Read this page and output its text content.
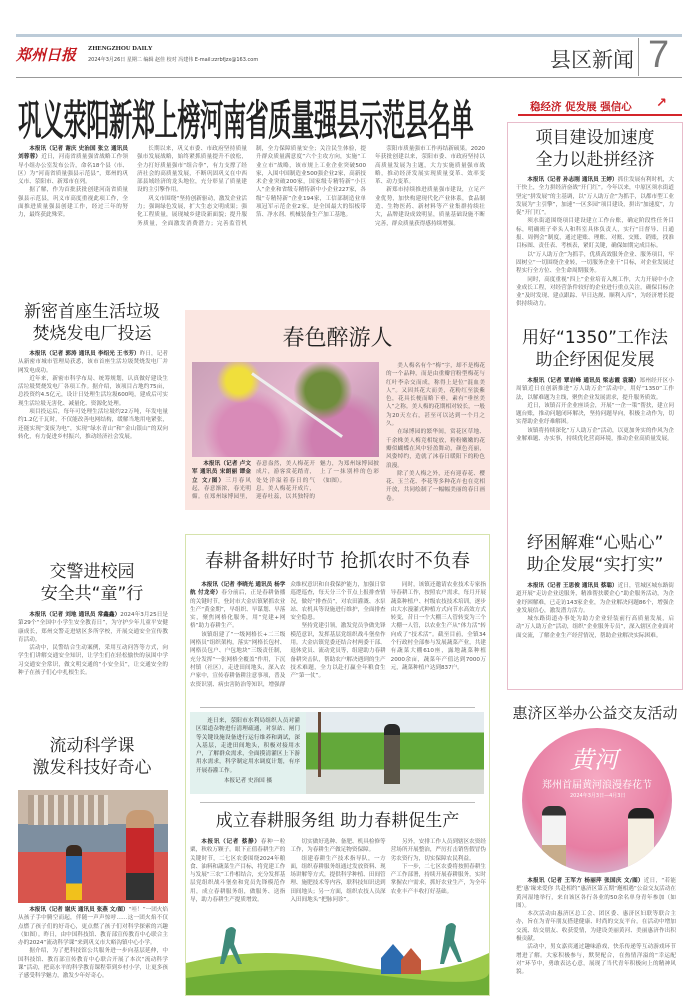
郑州日报 ZHENGZHOU DAILY
2024年3月26日 星期二 编辑 赵佳 校对 冯建伟 E-mail:zzrbfjzx@163.com	县区新闻 7
巩义荥阳新郑上榜河南省质量强县示范县名单

本报讯（记者 谢庆 史治国 张立 通讯员 刘蓉蓉）近日，河南省质量强省战略工作领导小组办公室发布公告，命名18个县（市、区）为“河南省质量强县示范县”，郑州的巩义市、荥阳市、新郑市在列。

据了解，作为首批获批创建河南省质量强县示范县，巩义市高度重视此项工作，全面推进质量强县创建工作，经过三年的努力，最终获此殊荣。

长期以来，巩义市委、市政府坚持质量强市发展战略，始终紧抓质量提升不放松，全力打好质量强市“组合拳”，有力支撑了经济社会的高质量发展，不断巩固巩义在中西部县域经济的龙头地位，充分彰显了质量建设的主引擎作用。

巩义市围绕“坚持创新驱动，激发企业活力；强调绿色发展，扩大生态文明成果；强化工程质量，展现城乡建设新面貌；提升服务质量，全面激发消费潜力；完善监管机制，全力保障质量安全；关注民生体验，提升群众质量满意度”六个主攻方向，实施“工业立市”战略，该市规上工业企业突破500家，入围中国制造业500强企业2家，高新技术企业突破200家，国家级专精特新“小巨人”企业和省级专精特新中小企业227家，各级“专精特新”企业194家，工信部制造业单项冠军示范企业2家，是全国最大的铝板带箔、净水剂、机械装备生产加工基地。

荥阳市质量强市工作再结新硕果。2020年获批创建以来，荥阳市委、市政府坚持以高质量发展为主题，大力实施质量强市战略，推动经济发展实现质量变革、效率变革、动力变革。

新郑市持续推进质量强市建设，立足产业优势，加快构建现代化产业体系，食品制造、生物医药、新材料等产业集群持续壮大，品牌建设成效明显，质量基础设施不断完善，群众质量获得感持续增强。

稳经济 促发展 强信心 ↗
项目建设加速度
全力以赴拼经济

本报讯（记者 孙志刚 通讯员 王婷）抓住发展有利时机，大干快上，全力拼经济奋战“开门红”。今年以来，中原区须水街道坚定“拼发展”的主基调，以“万人助万企”为抓手，以都市型工业发展为“主引擎”，加速“一区多园”项目建设，拼出“加速度”，力促“开门红”。

须水街道围绕项目建设建立工作台账，确定阶段性任务目标，明确班子牵头人和科室具体负责人，实行“日督导、日通报、周例会”制度，通过建账、理账、对账、交账、销账，找准目标图、责任表、考核表，紧盯关键，确保如期完成目标。

以“万人助万企”为抓手，优质高效服务企业、服务项目，牢固树立“一切围绕企业转，一切服务企业干”目标，对企业发展过程实行全方位、全生命周期服务。

同时，高度重视“四上”企业培育入规工作，大力开展中小企业成长工程，对经营条件较好的企业进行重点关注，确保目标企业“及时发现、建点跟踪、早日达规、顺利入库”，为经济增长提供持续动力。

用好“1350”工作法
助企纾困促发展

本报讯（记者 覃岩峰 通讯员 梁志霞 袁璐）郑州经开区小周镇近日在创新推进“万人助万企”活动中，用好“1350”工作法，以解难题为主线，聚焦企业发展需求，提升服务质效。

近日，该镇召开企业座谈会，开展“一企一策”帮扶，建立问题台账，推动问题闭环解决，坚持问题导向，积极主动作为，切实帮助企业纾难解困。

该镇将持续深化“万人助万企”活动，以更加务实的作风为企业解难题、办实事，持续优化营商环境，推动企业高质量发展。

纾困解难“心贴心”
助企发展“实打实”

本报讯（记者 王思俊 通讯员 蔡聪）近日，管城区城东路街道开展“走访企业送服务，精准帮扶暖企心”助企服务活动，为企业纾困解难，已走访143家企业，为企业解决问题86个，增强企业发展信心，激发潜力活力。

城东路街道办事处为助力企业轻装前行高质量发展，启动“万人助万企”活动，组织“企业服务专员”，深入辖区企业面对面交流，了解企业生产经营情况，帮助企业解决实际困难。

惠济区举办公益交友活动
黄河
郑州首届黄河浪漫春花节
2024年3月3日—4月3日

本报讯（记者 王军方 杨丽萍 张国庆 文/图）近日，“若能把‘惠’缘来爱你 共赴相约”惠济区第五期“邂相遇”公益交友活动在黄河湿地举行，来自该区各行各业的50余名单身青年参加（如图）。

本次活动由惠济区总工会、团区委、惠济区妇联等联合主办，旨在为青年朋友搭建健康、时尚的交友平台，在活动中增加交流、结交朋友、收获爱情，为建设美丽黄河、美丽惠济作出积极贡献。

活动中，男女嘉宾通过趣味游戏，快乐传递等互动游戏环节增进了解。大家积极参与，默契配合，在热情洋溢的“幸运配对”环节中，勇敢表达心意，展现了当代青年积极向上的精神风貌。

新密首座生活垃圾
焚烧发电厂投运

本报讯（记者 郭涛 通讯员 李绍光 王书芳）昨日，记者从新密市城市管理局获悉，该市首座生活垃圾焚烧发电厂并网发电成功。

近年来，新密市科学布局、统筹规划，认真做好建设生活垃圾焚烧发电厂各项工作。据介绍，该项目占地约75亩，总投资约4.5亿元，设计日处理生活垃圾600吨，建成后可实现生活垃圾无害化、减量化、资源化处理。

项目投运后，每年可处理生活垃圾约22万吨，年发电量约1.2亿千瓦时，不仅能改善电网结构，缓解当地用电紧张，还能实现“变废为电”，实现“绿水青山”和“金山银山”的双向转化，有力促进乡村振兴，推动经济社会发展。

交警进校园
安全共“童”行

本报讯（记者 刘地 通讯员 常鑫鑫）2024年3月25日是第29个“全国中小学生安全教育日”，为守护少年儿童平安健康成长，郑州交警走进辖区多所学校，开展交通安全宣传教育活动。

活动中，民警结合生动案例，采用互动问答等方式，向学生们讲解交通安全知识，让学生们在轻松愉快的氛围中学习交通安全常识，做文明交通的“小安全员”，让交通安全的种子在孩子们心中扎根生长。

流动科学课
激发科技好奇心

本报讯（记者 谢庆 通讯员 张燕 文/图）“哇！”一团火焰从孩子手中腾空而起，伴随一声声惊呼……这一团火焰不仅点燃了孩子们的好奇心，更点燃了孩子们对科学探索的兴趣（如图）。昨日，由中国科技馆、教育部宣传教育中心联合主办的2024“流动科学课”来到巩义市大峪沟镇中心小学。

据介绍，为了把科技馆公共服务进一步向基层延伸，中国科技馆、教育部宣传教育中心联合开展了本次“流动科学课”活动，把高水平的科学教育课程带到乡村小学，让更多孩子感受科学魅力，激发少年好奇心。

春色醉游人

本报讯（记者 卢文军 通讯员 宋朗丽 谭金立 文/图）三月春风起，春意渐浓，春光明媚。在郑州绿博园里，春意盎然，美人梅花开成片，游客赏花踏青，处处洋溢着春日的气息。美人梅花开成片，迎春吐蕊，以其独特的魅力，为郑州绿博园披上了一抹别样的色彩（如图）。

美人梅名有个“梅”字，却不是梅花的一个品种，而是由重瓣宫粉型梅花与红叶李杂交而成，称得上是位“混血美人”。又因其花大而美，花粉红至淡紫色，花具长梗而略下垂，素有“垂丝美人”之称。美人梅的花期相对较长，一般为20天左右，甚至可以达到一个月之久。

在绿博园的繁华间，赏花区草地、千余株美人梅竞相绽放，粉粉嫩嫩的花瓣似蝴蝶在风中轻盈舞动，颜色亮丽，风姿绰约，造就了沐春日暖阳下的粉色浪漫。

除了美人梅之外，还有迎春花、樱花、玉兰花、李花等多种花卉也在竞相开放，共同绘制了一幅幅美丽的春日画卷。

春耕备耕好时节 抢抓农时不负春

本报讯（记者 李晓光 通讯员 杨学航 付龙奇）春分前后，正是春耕备播的关键时节，登封市大金店镇紧抓农业生产“黄金期”，早组织、早谋划、早落实，聚焦网格化服务，用“党建+网格”助力春耕生产。

该镇组建了“一级网格长+二三级网格员”组织架构，落实“网格长包村、网格员包户、户包地块”三级责任制，充分发挥“一张网格全覆盖”作用，下沉村镇（社区），走进田间地头，深入农户家中，宣传春耕备耕注意事项，普及农资识别、病虫害防治等知识，增强群众维权意识和自我保护能力，加强日常巡逻巡查，每天分三个节点上报排查情况，做好“排查员”，对农田灌溉、水泵站、农机具等设施进行维护，全面排查安全隐患。

坚持党建引领，激发党员争做先锋模范意识，发挥基层党组织战斗堡垒作用。大金店镇党委还结合村两委干部、退休党员、流动党员等，组建助力春耕备耕突击队，帮助农户解决遇到的生产技术难题，全力以赴打赢全年粮食生产“第一仗”。

同时，该镇还邀请农业技术专家指导春耕工作，按照农户需求，每月开展蔬菜种植户、村级农技技术培训，逐步由大水漫灌式种植方式向节水高效方式转变，昔日一个大棚三人管转变为三个大棚一人管，以农业生产从“体力活”转向成了“技术活”。截至目前，全镇34个行政村全部参与发展蔬菜产业，共建有蔬菜大棚610座，露地蔬菜种植2000余亩，蔬菜年产值达到7000万元，蔬菜种植户达到837户。

连日来，荥阳市水利局组织人员对灌区渠道杂物进行清理疏通，对泵站、闸门等关键设施设备进行运行维养和调试，深入基层，走进田间地头，积极对接用水户，了解群众需求，全面摸清灌区上下游用水需求，科学制定用水调度计划，有序开展春灌工作。

本报记者 史治国 摄
成立春耕服务组 助力春耕促生产

本报讯（记者 蔡静）春种一粒粟，秋收万颗子。眼下正值春耕生产的关键时节，二七区农委围绕2024年粮食、油料和蔬菜生产目标，将党建工作与发展“三农”工作相结合，充分发挥基层党组织战斗堡垒和党员先锋模范作用，成立春耕服务组，做服务、送指导，助力春耕生产提质增效。

切实做好选种、备肥、机具检修等工作，为春耕生产做足物资保障。

组建春耕生产技术指导队，一方面，组织春耕服务组通过发放资料、现场讲解等方式，提供科学种植、田间管理、施肥技术等内容，联科技知识送到田间地头；另一方面，组织农技人员深入田间地头“把脉问诊”。

另外，安排工作人员到辖区农资经营场所开展整治，严厉打击销售假冒伪劣农资行为，切实保障农民利益。

下一步，二七区农委将按照春耕生产工作部署，持续开展春耕服务，实时掌握农户需求，抓好农业生产，为全年农业丰产丰收打好基础。
